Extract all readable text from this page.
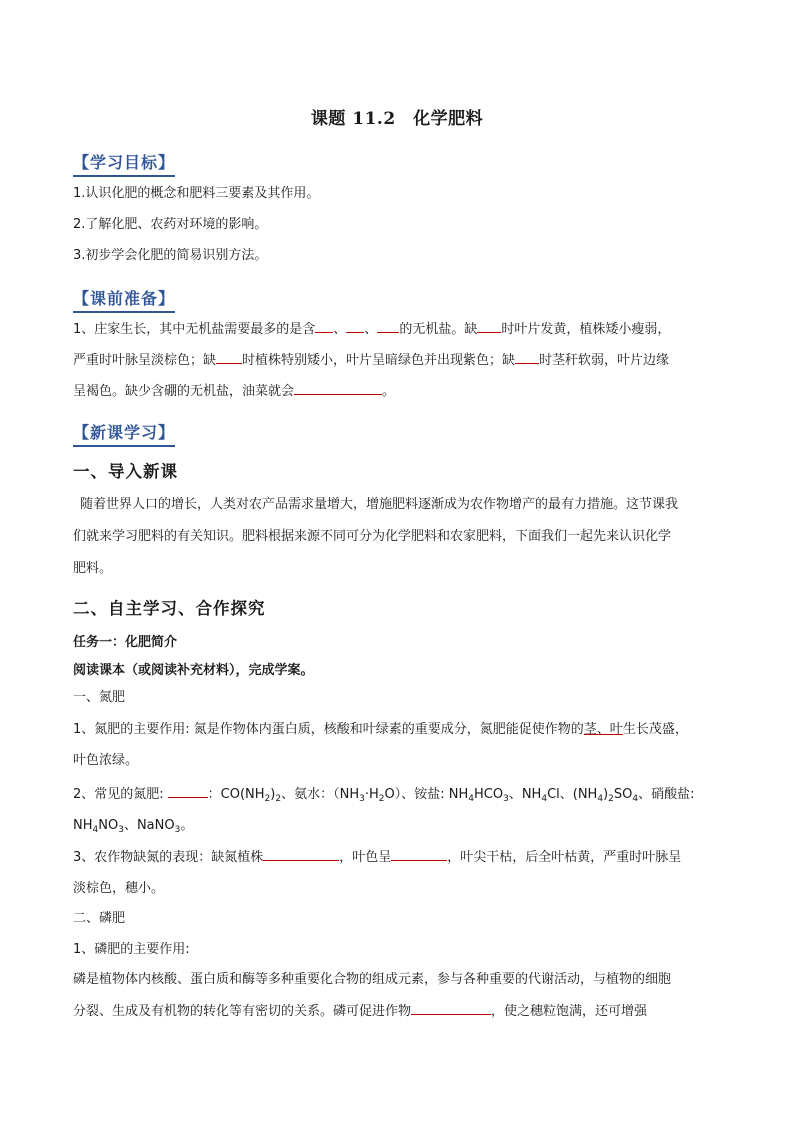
课题 11.2　化学肥料
【学习目标】
1.认识化肥的概念和肥料三要素及其作用。
2.了解化肥、农药对环境的影响。
3.初步学会化肥的简易识别方法。
【课前准备】
1、庄家生长，其中无机盐需要最多的是含 、 、 的无机盐。缺 时叶片发黄，植株矮小瘦弱，
严重时叶脉呈淡棕色；缺 时植株特别矮小，叶片呈暗绿色并出现紫色；缺 时茎秆软弱，叶片边缘
呈褐色。缺少含硼的无机盐，油菜就会	。
【新课学习】
一、导入新课
随着世界人口的增长，人类对农产品需求量增大，增施肥料逐渐成为农作物增产的最有力措施。这节课我
们就来学习肥料的有关知识。肥料根据来源不同可分为化学肥料和农家肥料，下面我们一起先来认识化学
肥料。
二、自主学习、合作探究
任务一：化肥简介
阅读课本（或阅读补充材料），完成学案。
一、氮肥
1、氮肥的主要作用: 氮是作物体内蛋白质，核酸和叶绿素的重要成分，氮肥能促使作物的茎、叶生长茂盛，
叶色浓绿。
2、常见的氮肥:	：$CO(NH_2)_2$、氨水：$(NH_3\cdot H_2O)$、铵盐: $NH_4HCO_3$、$NH_4Cl$、$(NH_4)_2SO_4$、硝酸盐:
$NH_4NO_3$、NaNO$_3$。
3、农作物缺氮的表现：缺氮植株	，叶色呈	，叶尖干枯，后全叶枯黄，严重时叶脉呈
淡棕色，穗小。
二、磷肥
1、磷肥的主要作用:
磷是植物体内核酸、蛋白质和酶等多种重要化合物的组成元素，参与各种重要的代谢活动，与植物的细胞
分裂、生成及有机物的转化等有密切的关系。磷可促进作物	，使之穗粒饱满，还可增强
